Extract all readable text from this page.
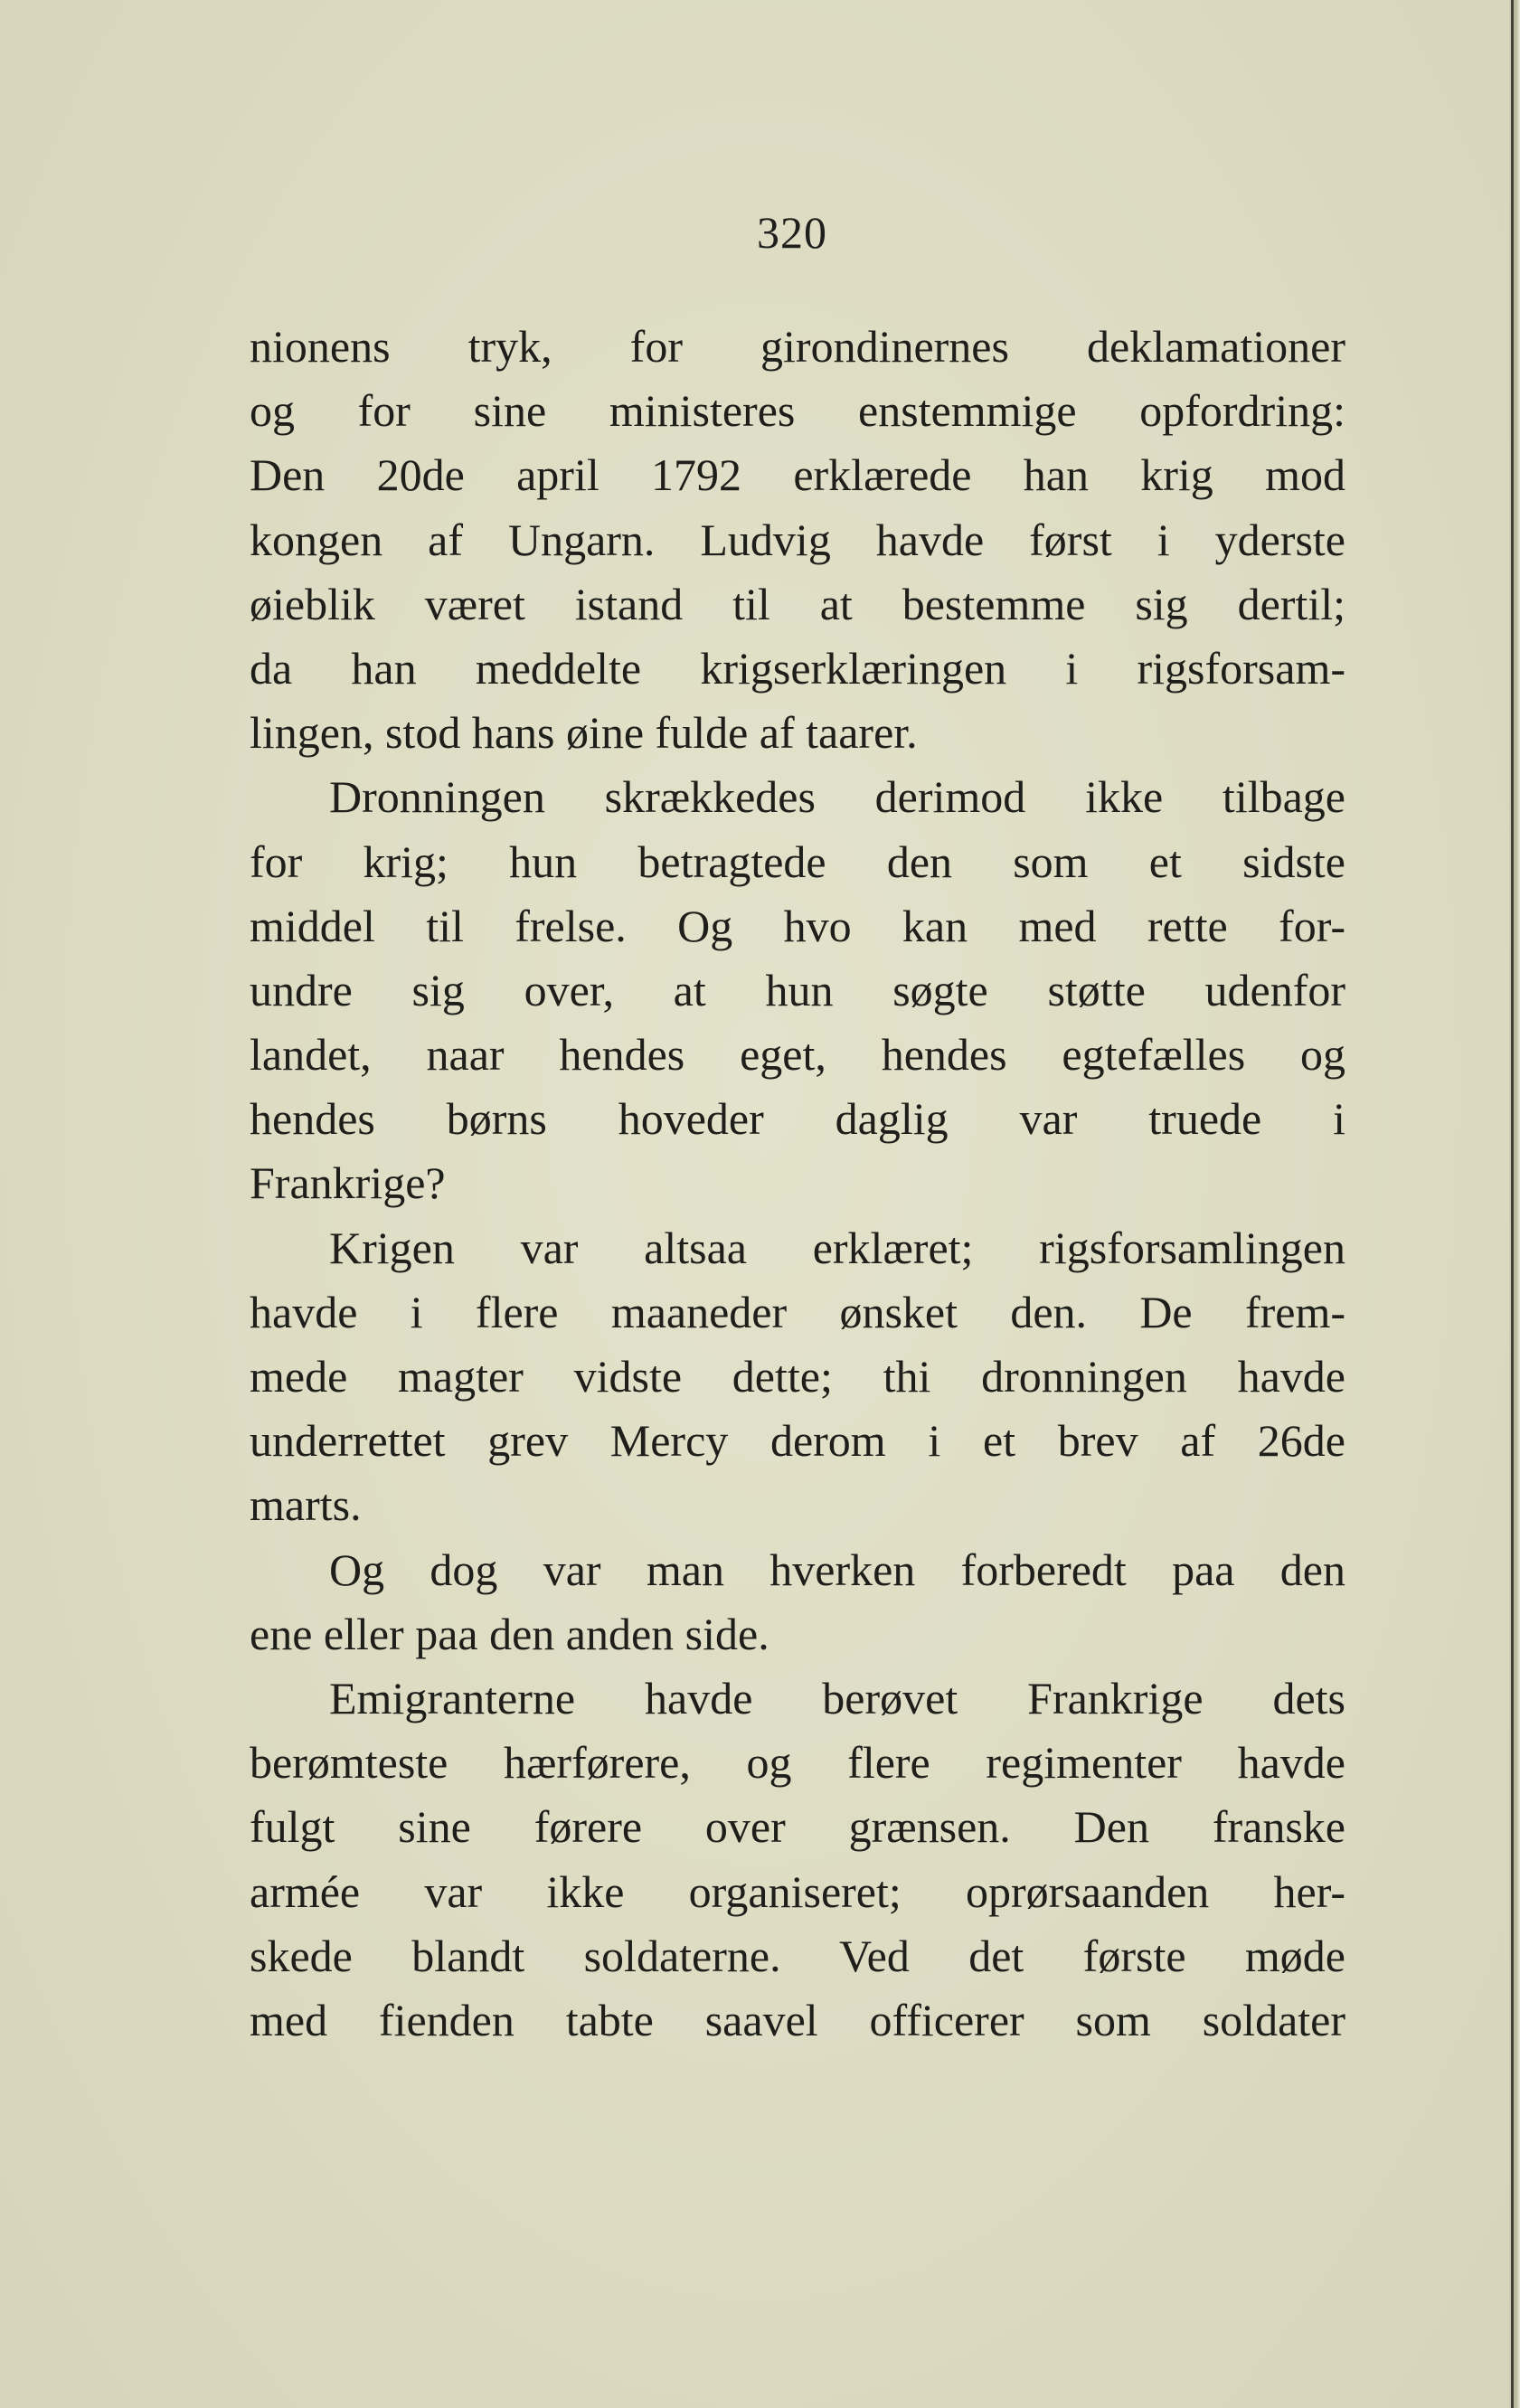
320
nionens tryk, for girondinernes deklamationer
og for sine ministeres enstemmige opfordring:
Den 20de april 1792 erklærede han krig mod
kongen af Ungarn. Ludvig havde først i yderste
øieblik været istand til at bestemme sig dertil;
da han meddelte krigserklæringen i rigsforsam-
lingen, stod hans øine fulde af taarer.
Dronningen skrækkedes derimod ikke tilbage
for krig; hun betragtede den som et sidste
middel til frelse. Og hvo kan med rette for-
undre sig over, at hun søgte støtte udenfor
landet, naar hendes eget, hendes egtefælles og
hendes børns hoveder daglig var truede i
Frankrige?
Krigen var altsaa erklæret; rigsforsamlingen
havde i flere maaneder ønsket den. De frem-
mede magter vidste dette; thi dronningen havde
underrettet grev Mercy derom i et brev af 26de
marts.
Og dog var man hverken forberedt paa den
ene eller paa den anden side.
Emigranterne havde berøvet Frankrige dets
berømteste hærførere, og flere regimenter havde
fulgt sine førere over grænsen. Den franske
armée var ikke organiseret; oprørsaanden her-
skede blandt soldaterne. Ved det første møde
med fienden tabte saavel officerer som soldater
